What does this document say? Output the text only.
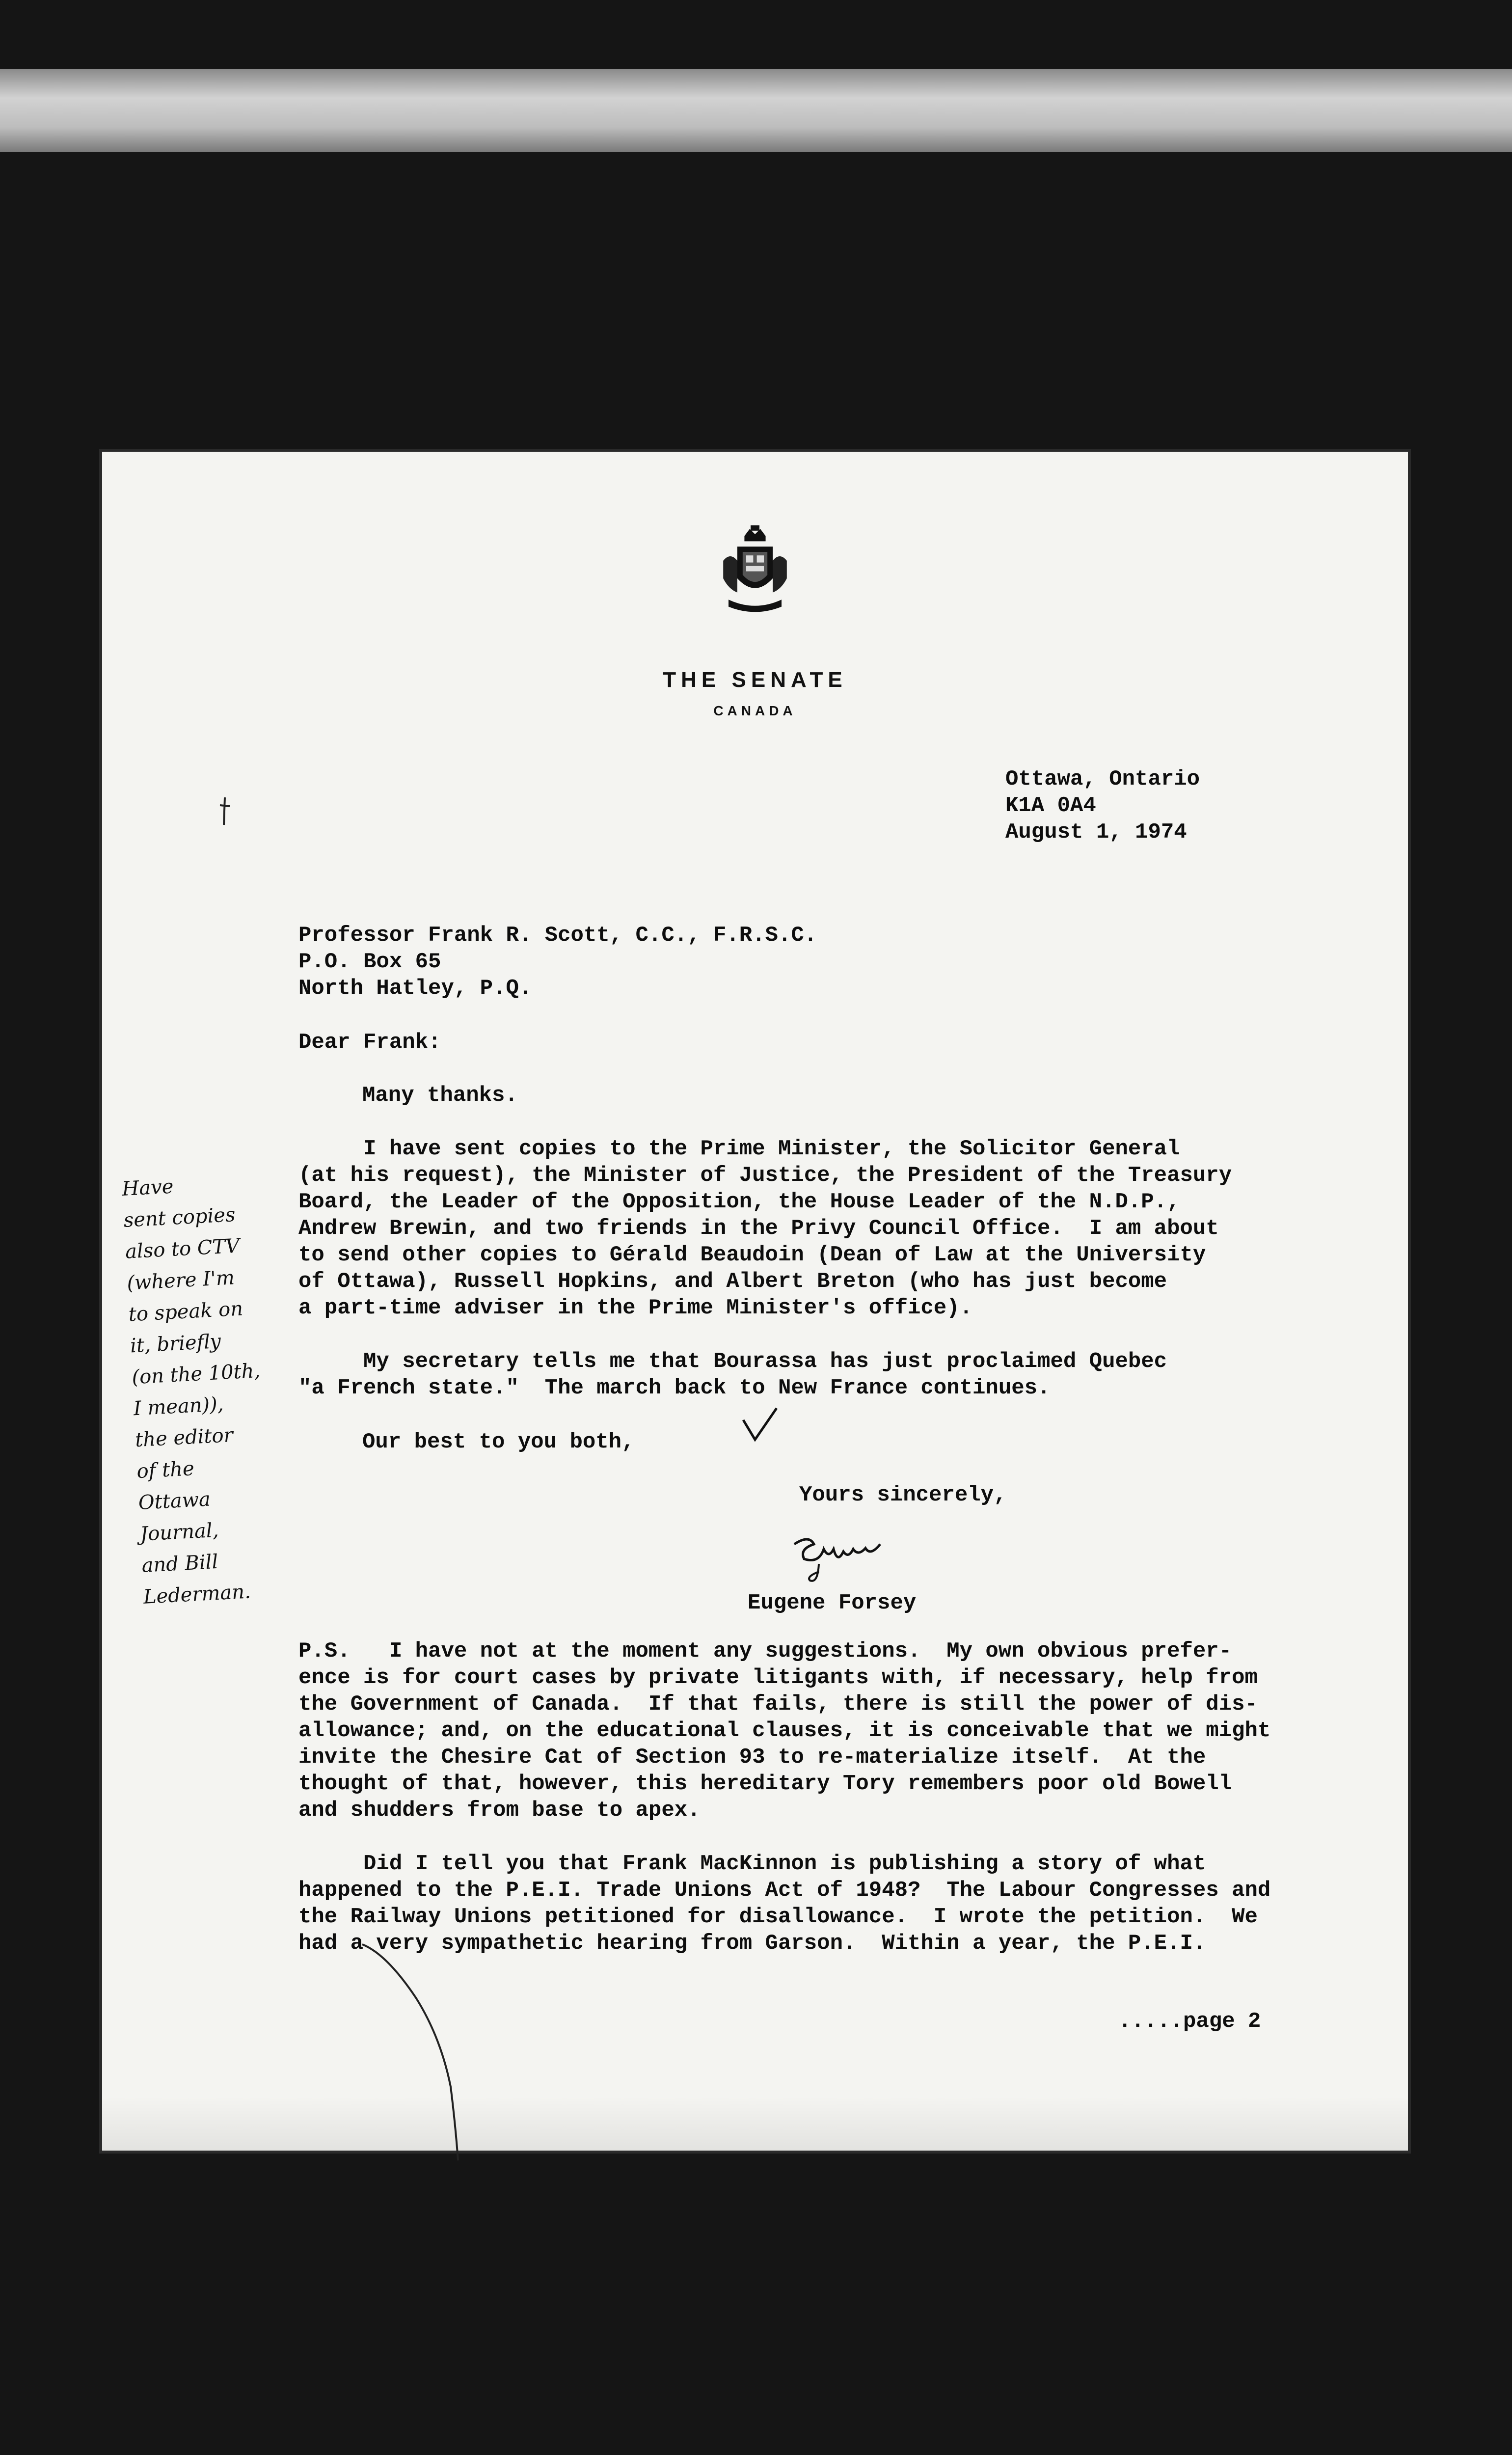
THE SENATE
CANADA
Ottawa, Ontario
K1A 0A4
August 1, 1974
Professor Frank R. Scott, C.C., F.R.S.C.
P.O. Box 65
North Hatley, P.Q.
Dear Frank:
Many thanks.
I have sent copies to the Prime Minister, the Solicitor General
(at his request), the Minister of Justice, the President of the Treasury
Board, the Leader of the Opposition, the House Leader of the N.D.P.,
Andrew Brewin, and two friends in the Privy Council Office.  I am about
to send other copies to Gérald Beaudoin (Dean of Law at the University
of Ottawa), Russell Hopkins, and Albert Breton (who has just become
a part-time adviser in the Prime Minister's office).
My secretary tells me that Bourassa has just proclaimed Quebec
"a French state."  The march back to New France continues.
Our best to you both,
Yours sincerely,
Eugene Forsey
P.S.   I have not at the moment any suggestions.  My own obvious prefer-
ence is for court cases by private litigants with, if necessary, help from
the Government of Canada.  If that fails, there is still the power of dis-
allowance; and, on the educational clauses, it is conceivable that we might
invite the Chesire Cat of Section 93 to re-materialize itself.  At the
thought of that, however, this hereditary Tory remembers poor old Bowell
and shudders from base to apex.
Did I tell you that Frank MacKinnon is publishing a story of what
happened to the P.E.I. Trade Unions Act of 1948?  The Labour Congresses and
the Railway Unions petitioned for disallowance.  I wrote the petition.  We
had a very sympathetic hearing from Garson.  Within a year, the P.E.I.
.....page 2
Have
sent copies
also to CTV
(where I'm
to speak on
it, briefly
(on the 10th,
I mean)),
the editor
of the
Ottawa
Journal,
and Bill
Lederman.
